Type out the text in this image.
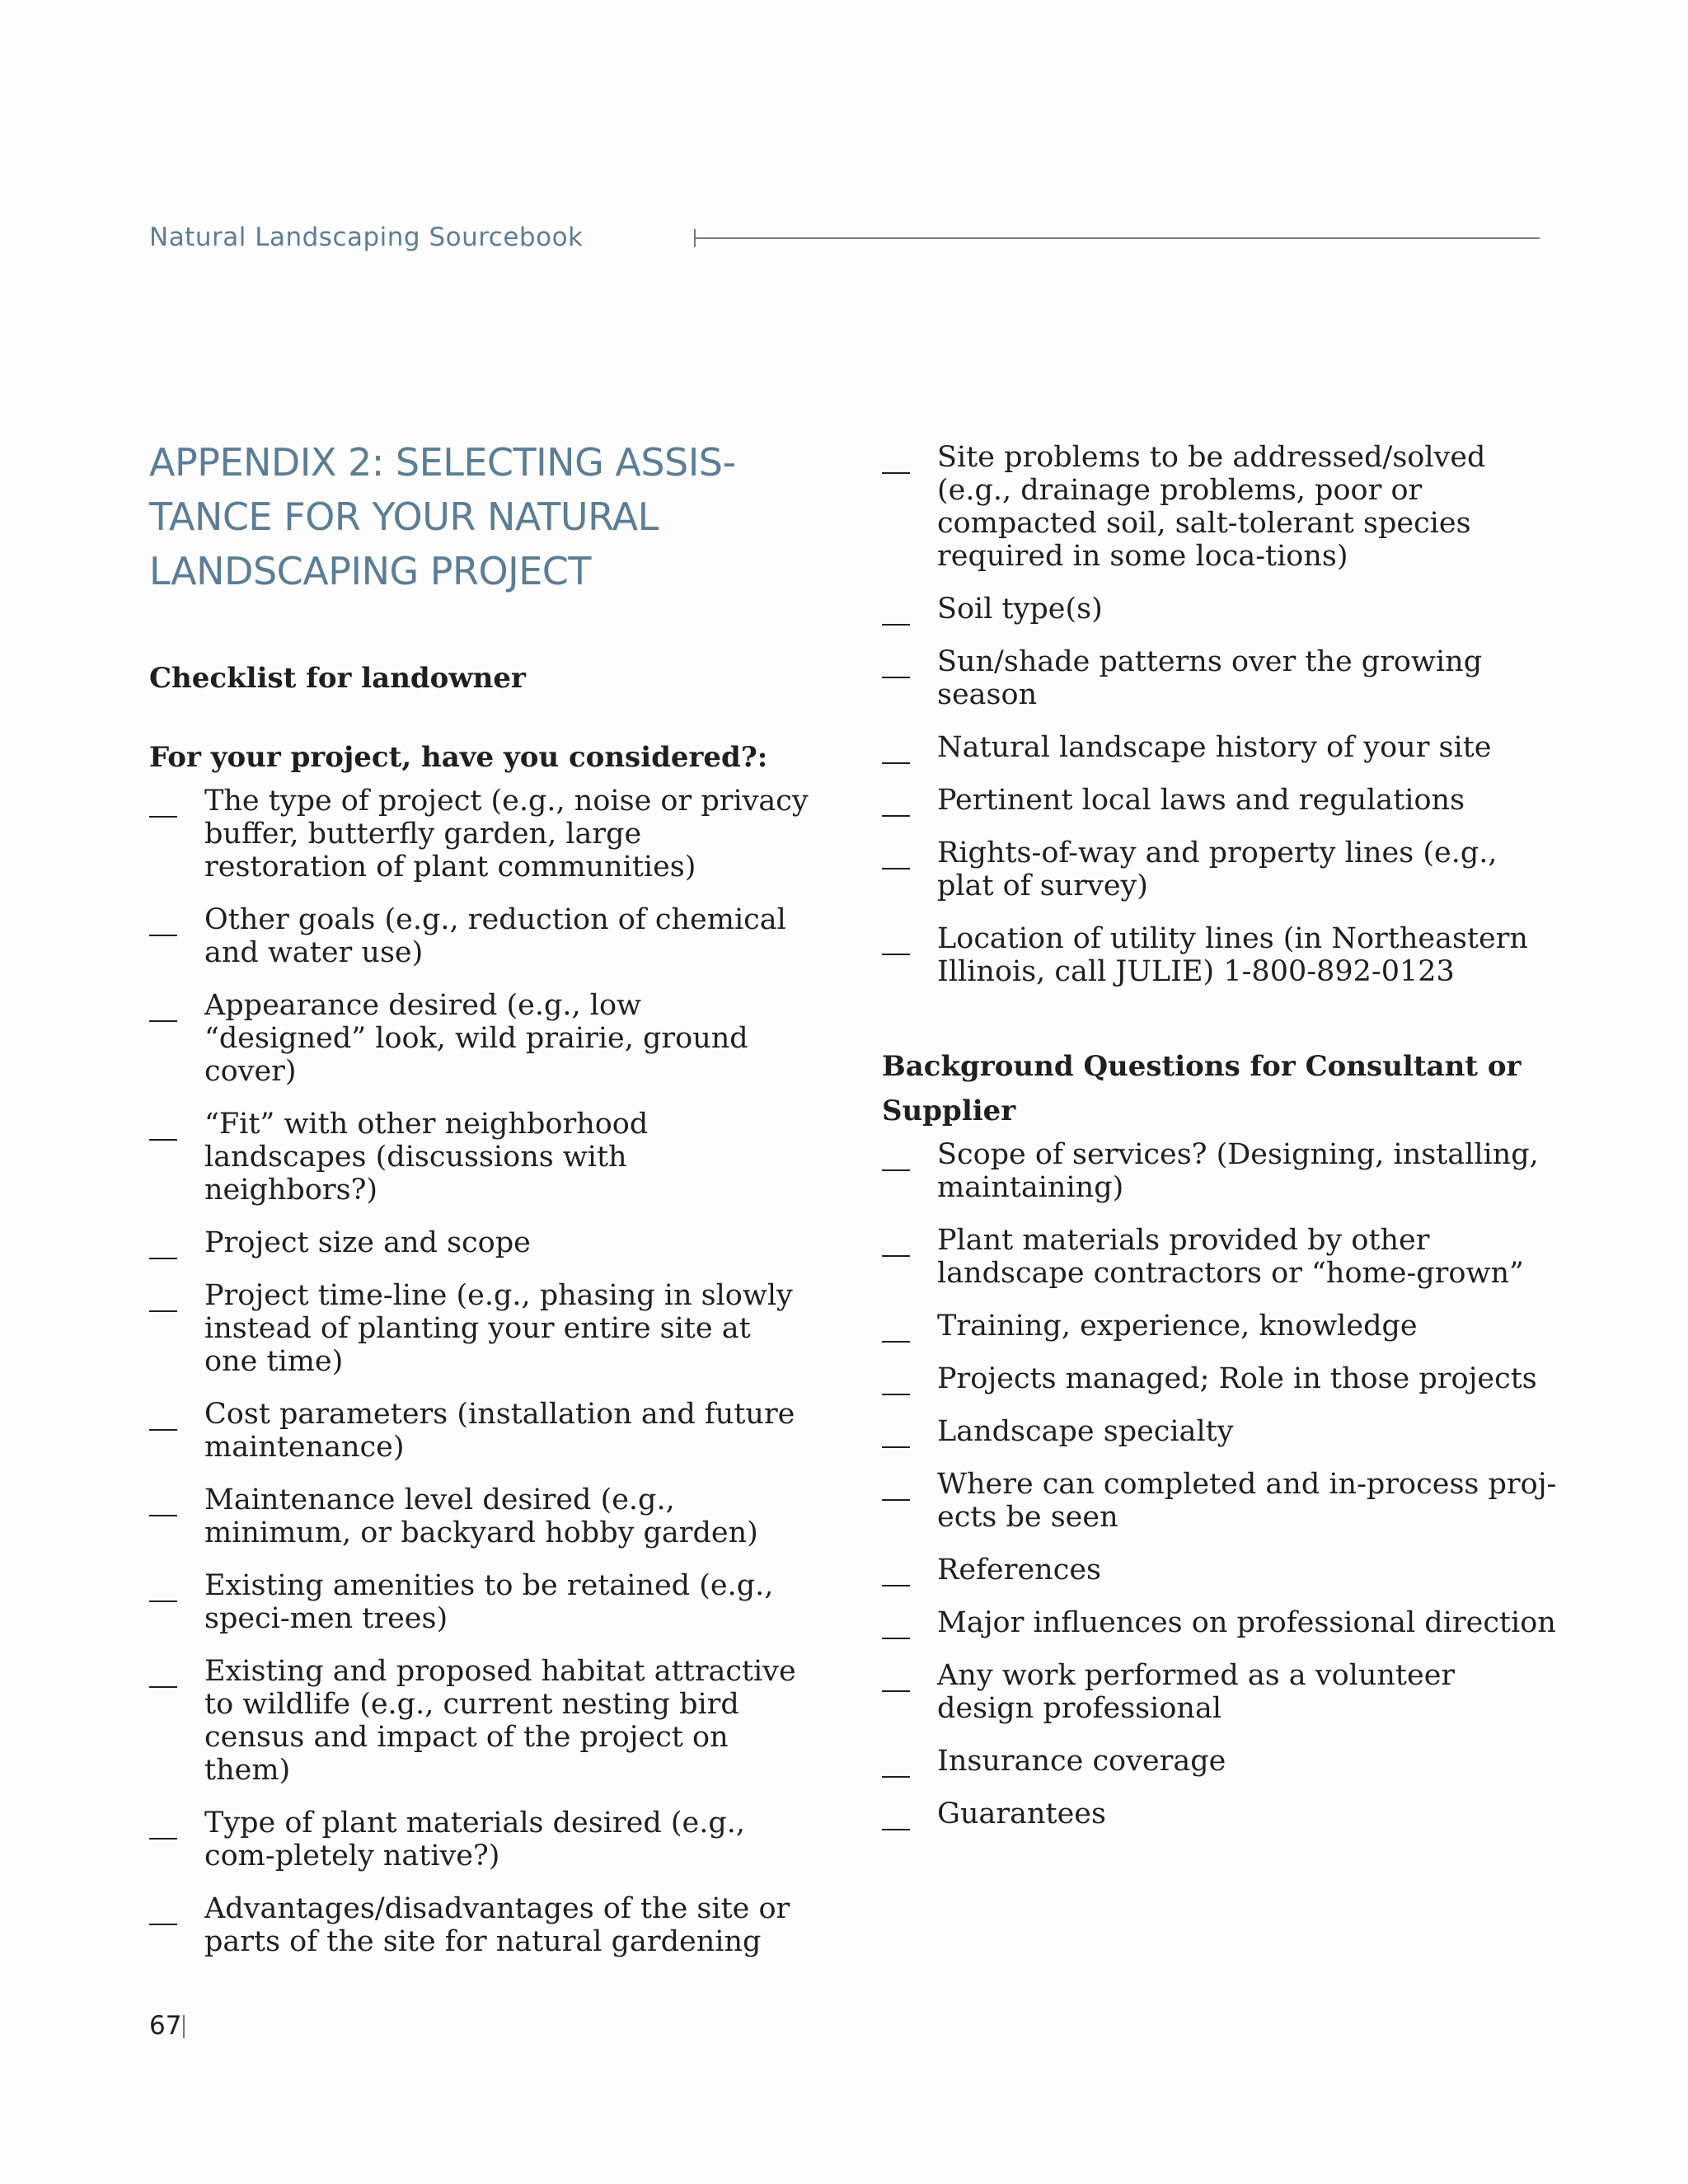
Natural Landscaping Sourcebook
APPENDIX 2: SELECTING ASSIS-
TANCE FOR YOUR NATURAL
LANDSCAPING PROJECT
Checklist for landowner
For your project, have you considered?:
The type of project (e.g., noise or privacy buffer, butterfly garden, large restoration of plant communities)
Other goals (e.g., reduction of chemical and water use)
Appearance desired (e.g., low “designed” look, wild prairie, ground cover)
“Fit” with other neighborhood landscapes (discussions with neighbors?)
Project size and scope
Project time-line (e.g., phasing in slowly instead of planting your entire site at one time)
Cost parameters (installation and future maintenance)
Maintenance level desired (e.g., minimum, or backyard hobby garden)
Existing amenities to be retained (e.g., speci-men trees)
Existing and proposed habitat attractive to wildlife (e.g., current nesting bird census and impact of the project on them)
Type of plant materials desired (e.g., com-pletely native?)
Advantages/disadvantages of the site or parts of the site for natural gardening
Site problems to be addressed/solved (e.g., drainage problems, poor or compacted soil, salt-tolerant species required in some loca-tions)
Soil type(s)
Sun/shade patterns over the growing season
Natural landscape history of your site
Pertinent local laws and regulations
Rights-of-way and property lines (e.g., plat of survey)
Location of utility lines (in Northeastern Illinois, call JULIE) 1-800-892-0123
Background Questions for Consultant or Supplier
Scope of services? (Designing, installing, maintaining)
Plant materials provided by other landscape contractors or “home-grown”
Training, experience, knowledge
Projects managed; Role in those projects
Landscape specialty
Where can completed and in-process proj-ects be seen
References
Major influences on professional direction
Any work performed as a volunteer design professional
Insurance coverage
Guarantees
67
